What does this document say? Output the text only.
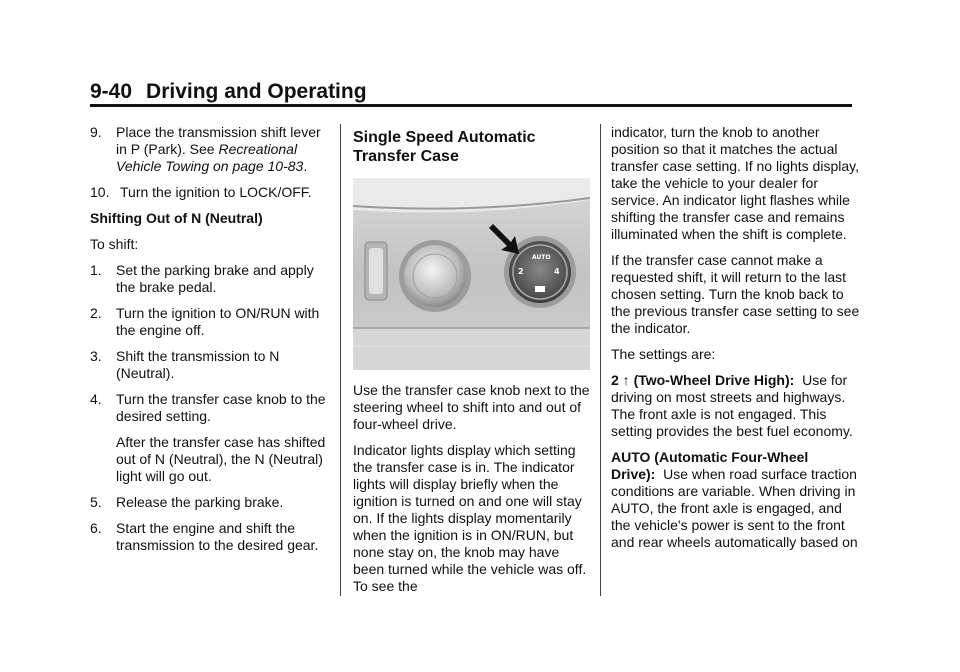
9-40 Driving and Operating
9. Place the transmission shift lever in P (Park). See Recreational Vehicle Towing on page 10-83.
10. Turn the ignition to LOCK/OFF.

Shifting Out of N (Neutral)

To shift:

1. Set the parking brake and apply the brake pedal.
2. Turn the ignition to ON/RUN with the engine off.
3. Shift the transmission to N (Neutral).
4. Turn the transfer case knob to the desired setting.

After the transfer case has shifted out of N (Neutral), the N (Neutral) light will go out.

5. Release the parking brake.
6. Start the engine and shift the transmission to the desired gear.
Single Speed Automatic Transfer Case
AUTO
2	4

Use the transfer case knob next to the steering wheel to shift into and out of four-wheel drive.

Indicator lights display which setting the transfer case is in. The indicator lights will display briefly when the ignition is turned on and one will stay on. If the lights display momentarily when the ignition is in ON/RUN, but none stay on, the knob may have been turned while the vehicle was off. To see the

indicator, turn the knob to another position so that it matches the actual transfer case setting. If no lights display, take the vehicle to your dealer for service. An indicator light flashes while shifting the transfer case and remains illuminated when the shift is complete.

If the transfer case cannot make a requested shift, it will return to the last chosen setting. Turn the knob back to the previous transfer case setting to see the indicator.

The settings are:

2 ↑ (Two-Wheel Drive High): Use for driving on most streets and highways. The front axle is not engaged. This setting provides the best fuel economy.

AUTO (Automatic Four-Wheel Drive): Use when road surface traction conditions are variable. When driving in AUTO, the front axle is engaged, and the vehicle's power is sent to the front and rear wheels automatically based on
